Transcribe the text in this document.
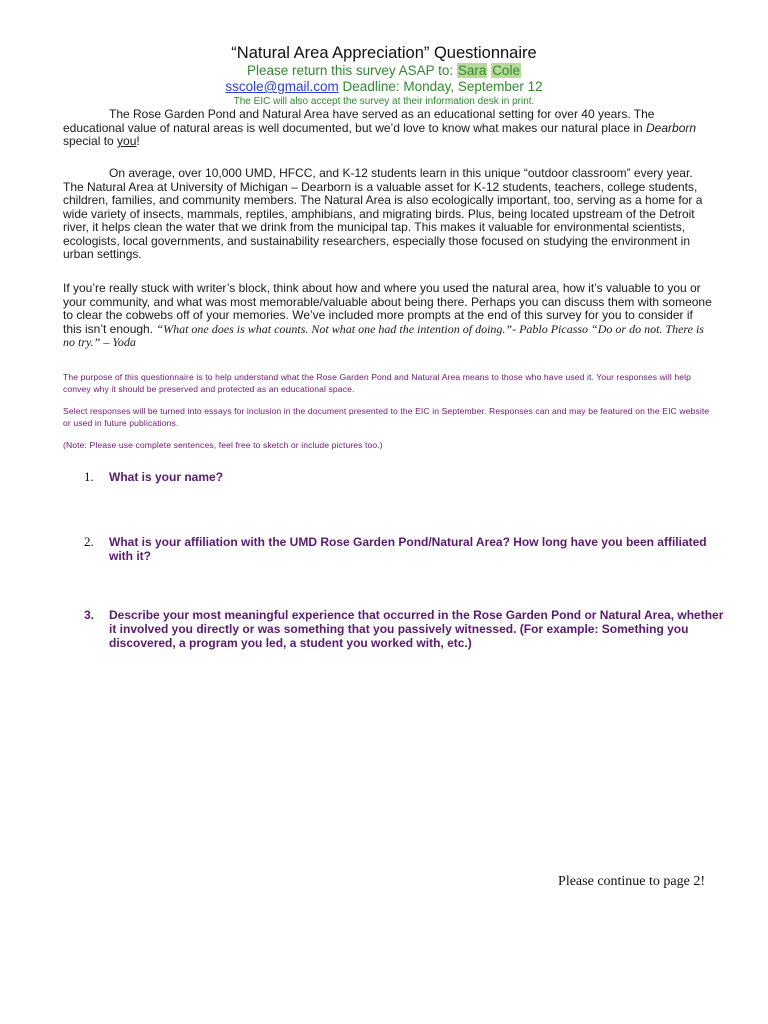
“Natural Area Appreciation” Questionnaire
Please return this survey ASAP to: Sara Cole
sscole@gmail.com Deadline: Monday, September 12
The EIC will also accept the survey at their information desk in print.

The Rose Garden Pond and Natural Area have served as an educational setting for over 40 years. The educational value of natural areas is well documented, but we’d love to know what makes our natural place in Dearborn special to you!

On average, over 10,000 UMD, HFCC, and K-12 students learn in this unique “outdoor classroom” every year. The Natural Area at University of Michigan – Dearborn is a valuable asset for K-12 students, teachers, college students, children, families, and community members. The Natural Area is also ecologically important, too, serving as a home for a wide variety of insects, mammals, reptiles, amphibians, and migrating birds. Plus, being located upstream of the Detroit river, it helps clean the water that we drink from the municipal tap. This makes it valuable for environmental scientists, ecologists, local governments, and sustainability researchers, especially those focused on studying the environment in urban settings.

If you’re really stuck with writer’s block, think about how and where you used the natural area, how it’s valuable to you or your community, and what was most memorable/valuable about being there. Perhaps you can discuss them with someone to clear the cobwebs off of your memories. We’ve included more prompts at the end of this survey for you to consider if this isn’t enough. “What one does is what counts. Not what one had the intention of doing.”- Pablo Picasso “Do or do not. There is no try.” – Yoda

The purpose of this questionnaire is to help understand what the Rose Garden Pond and Natural Area means to those who have used it. Your responses will help convey why it should be preserved and protected as an educational space.

Select responses will be turned into essays for inclusion in the document presented to the EIC in September. Responses can and may be featured on the EIC website or used in future publications.

(Note: Please use complete sentences, feel free to sketch or include pictures too.)

1. What is your name?
2. What is your affiliation with the UMD Rose Garden Pond/Natural Area? How long have you been affiliated with it?
3. Describe your most meaningful experience that occurred in the Rose Garden Pond or Natural Area, whether it involved you directly or was something that you passively witnessed. (For example: Something you discovered, a program you led, a student you worked with, etc.)
Please continue to page 2!
